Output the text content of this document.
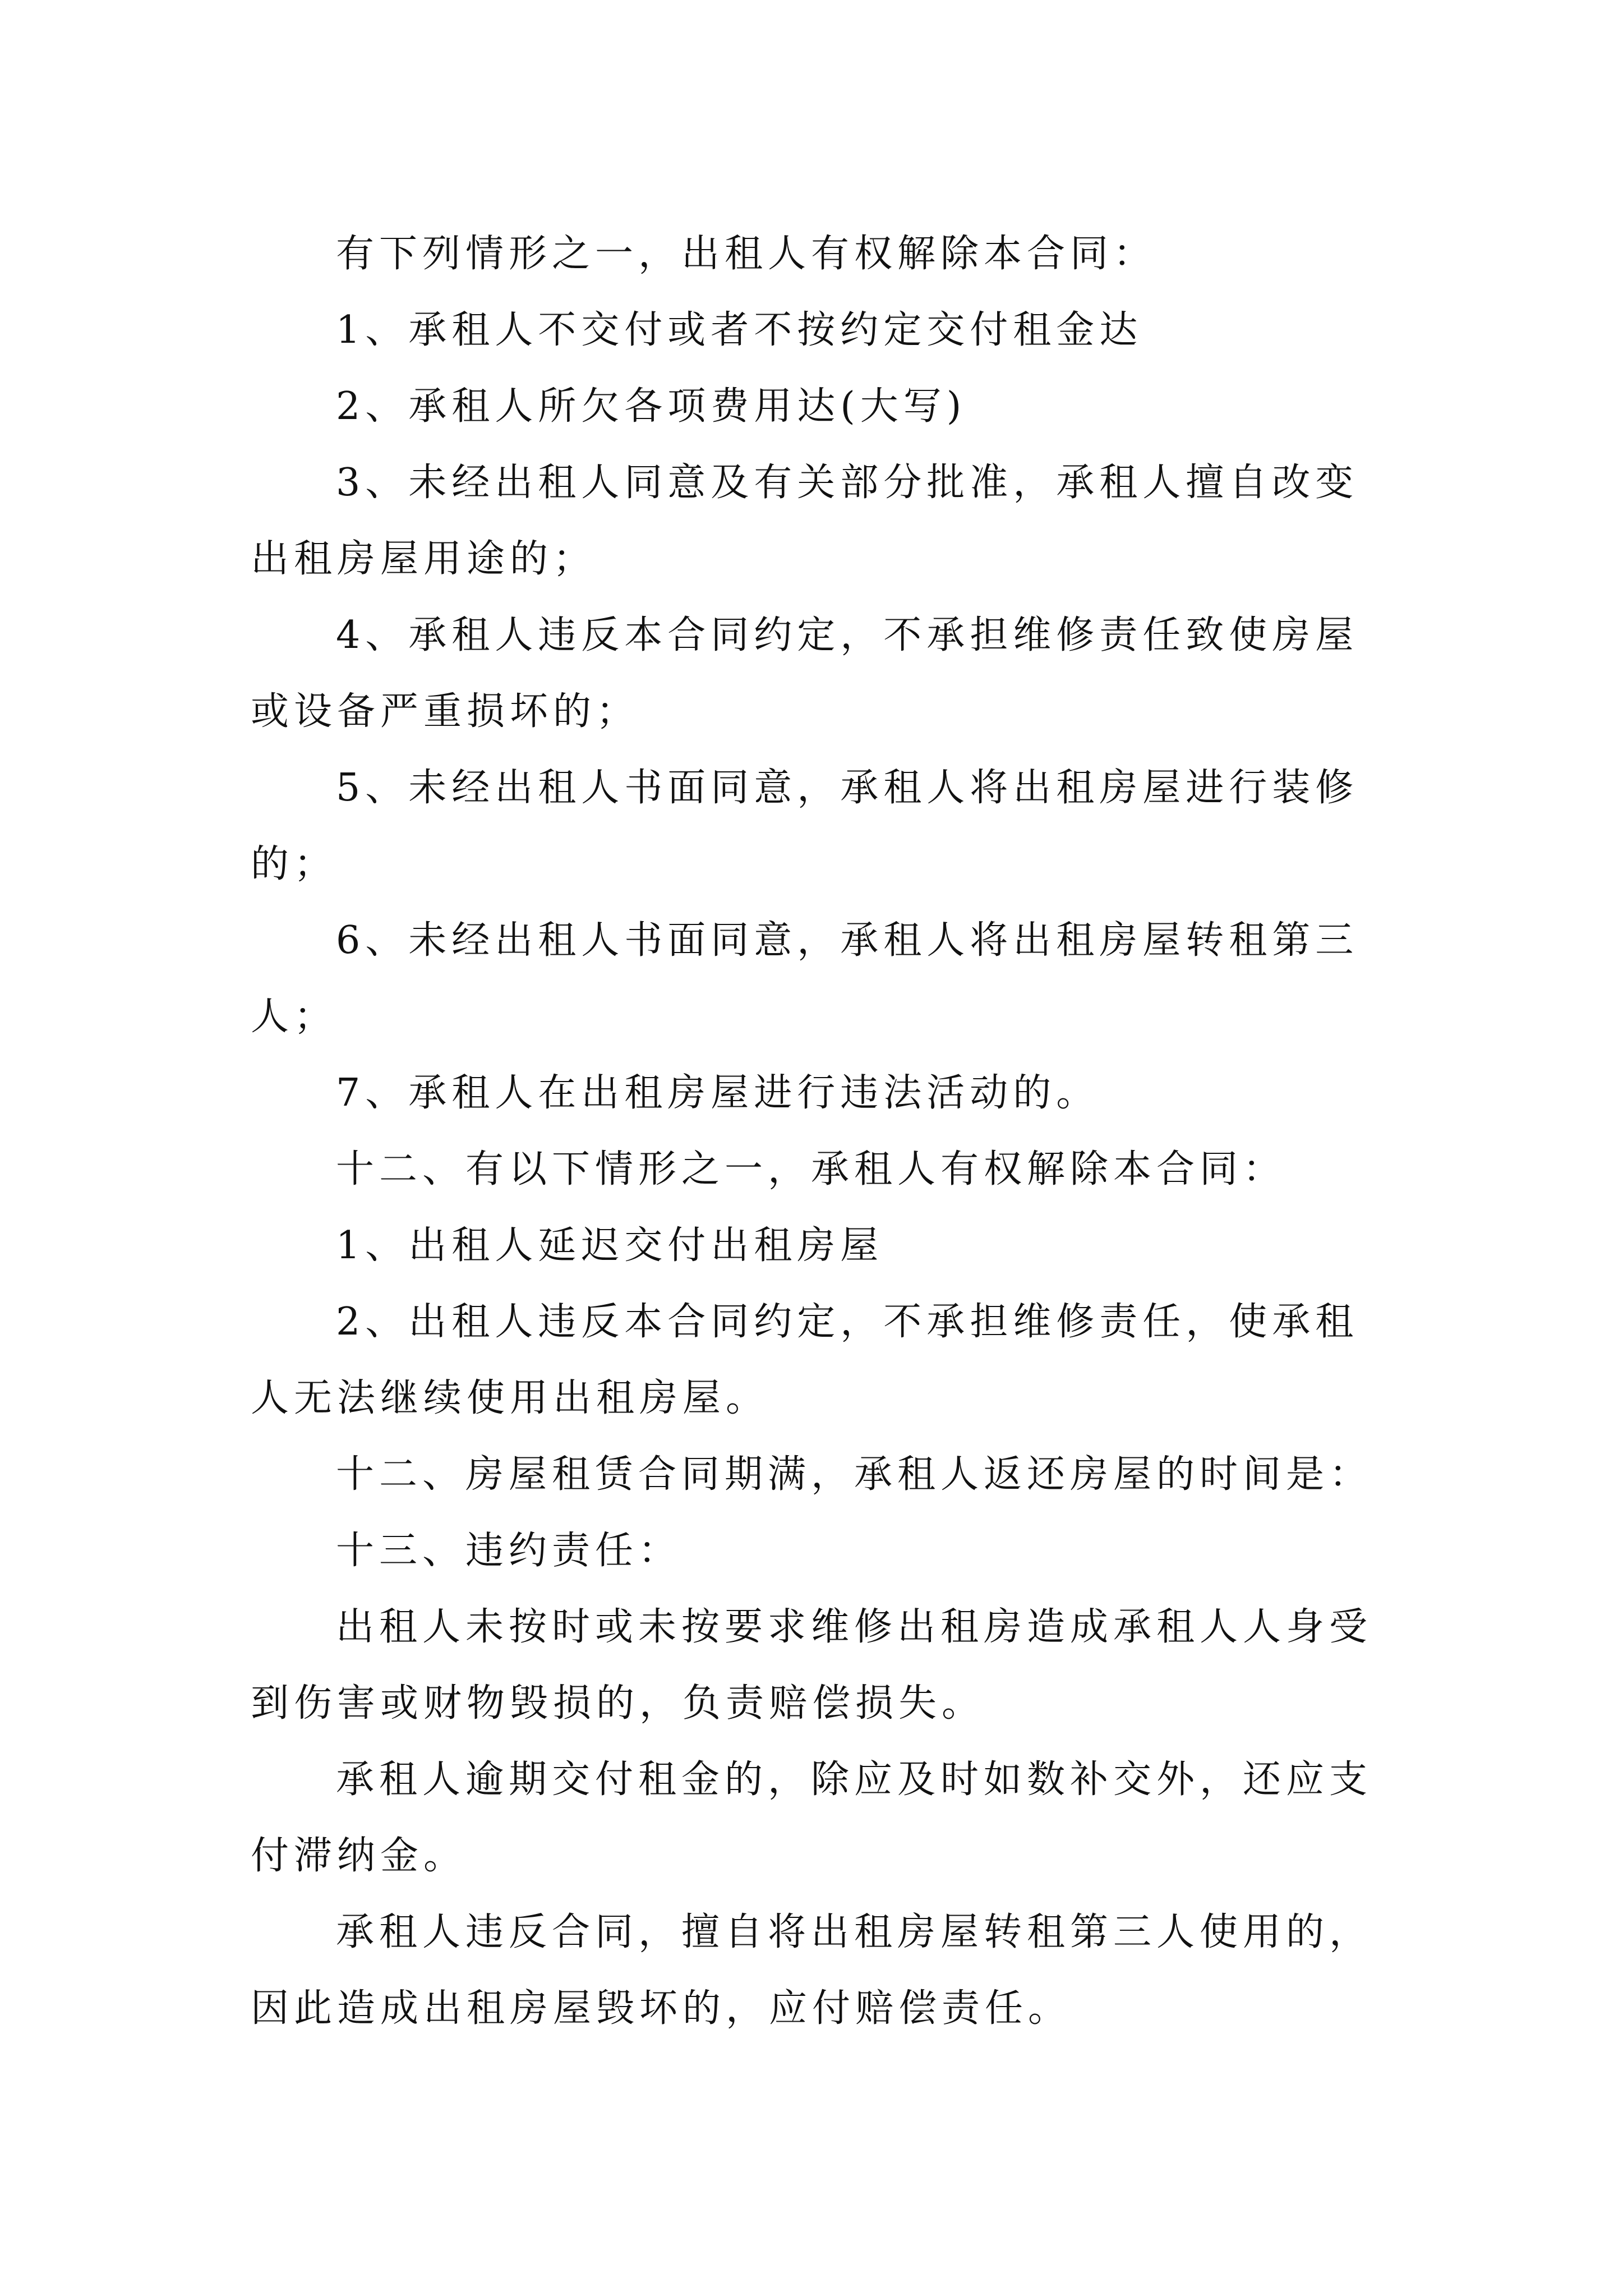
有下列情形之一，出租人有权解除本合同：

1、承租人不交付或者不按约定交付租金达

2、承租人所欠各项费用达(大写)

3、未经出租人同意及有关部分批准，承租人擅自改变出租房屋用途的；

4、承租人违反本合同约定，不承担维修责任致使房屋或设备严重损坏的；

5、未经出租人书面同意，承租人将出租房屋进行装修的；

6、未经出租人书面同意，承租人将出租房屋转租第三人；

7、承租人在出租房屋进行违法活动的。

十二、有以下情形之一，承租人有权解除本合同：

1、出租人延迟交付出租房屋

2、出租人违反本合同约定，不承担维修责任，使承租人无法继续使用出租房屋。

十二、房屋租赁合同期满，承租人返还房屋的时间是：

十三、违约责任：

出租人未按时或未按要求维修出租房造成承租人人身受到伤害或财物毁损的，负责赔偿损失。

承租人逾期交付租金的，除应及时如数补交外，还应支付滞纳金。

承租人违反合同，擅自将出租房屋转租第三人使用的，因此造成出租房屋毁坏的，应付赔偿责任。
